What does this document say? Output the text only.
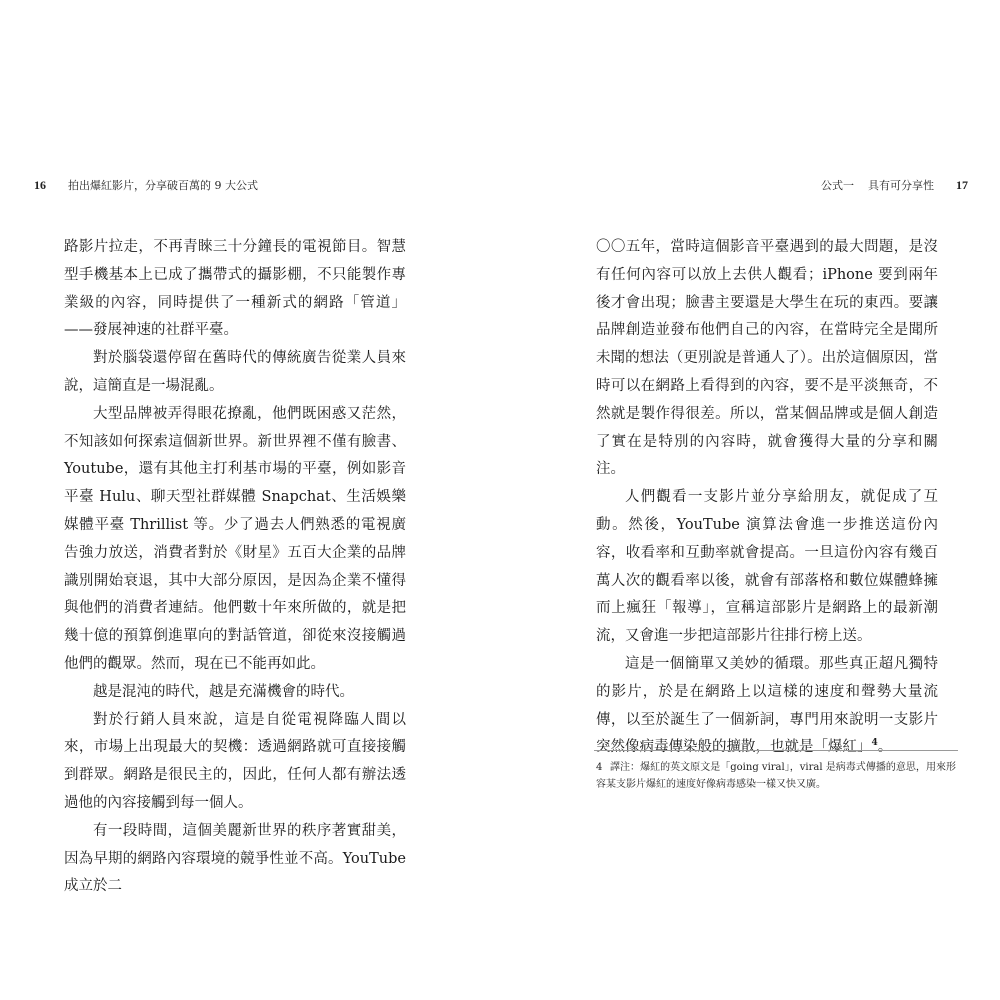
16 拍出爆紅影片，分享破百萬的 9 大公式	公式一 具有可分享性 17

路影片拉走，不再青睞三十分鐘長的電視節目。智慧型手機基本上已成了攜帶式的攝影棚，不只能製作專業級的內容，同時提供了一種新式的網路「管道」——發展神速的社群平臺。

對於腦袋還停留在舊時代的傳統廣告從業人員來說，這簡直是一場混亂。

大型品牌被弄得眼花撩亂，他們既困惑又茫然，不知該如何探索這個新世界。新世界裡不僅有臉書、Youtube，還有其他主打利基市場的平臺，例如影音平臺 Hulu、聊天型社群媒體 Snapchat、生活娛樂媒體平臺 Thrillist 等。少了過去人們熟悉的電視廣告強力放送，消費者對於《財星》五百大企業的品牌識別開始衰退，其中大部分原因，是因為企業不懂得與他們的消費者連結。他們數十年來所做的，就是把幾十億的預算倒進單向的對話管道，卻從來沒接觸過他們的觀眾。然而，現在已不能再如此。

越是混沌的時代，越是充滿機會的時代。

對於行銷人員來說，這是自從電視降臨人間以來，市場上出現最大的契機：透過網路就可直接接觸到群眾。網路是很民主的，因此，任何人都有辦法透過他的內容接觸到每一個人。

有一段時間，這個美麗新世界的秩序著實甜美，因為早期的網路內容環境的競爭性並不高。YouTube 成立於二

〇〇五年，當時這個影音平臺遇到的最大問題，是沒有任何內容可以放上去供人觀看；iPhone 要到兩年後才會出現；臉書主要還是大學生在玩的東西。要讓品牌創造並發布他們自己的內容，在當時完全是聞所未聞的想法（更別說是普通人了）。出於這個原因，當時可以在網路上看得到的內容，要不是平淡無奇，不然就是製作得很差。所以，當某個品牌或是個人創造了實在是特別的內容時，就會獲得大量的分享和關注。

人們觀看一支影片並分享給朋友，就促成了互動。然後，YouTube 演算法會進一步推送這份內容，收看率和互動率就會提高。一旦這份內容有幾百萬人次的觀看率以後，就會有部落格和數位媒體蜂擁而上瘋狂「報導」，宣稱這部影片是網路上的最新潮流，又會進一步把這部影片往排行榜上送。

這是一個簡單又美妙的循環。那些真正超凡獨特的影片，於是在網路上以這樣的速度和聲勢大量流傳，以至於誕生了一個新詞，專門用來說明一支影片突然像病毒傳染般的擴散，也就是「爆紅」$^4$。

4 譯注：爆紅的英文原文是「going viral」，viral 是病毒式傳播的意思，用來形容某支影片爆紅的速度好像病毒感染一樣又快又廣。
